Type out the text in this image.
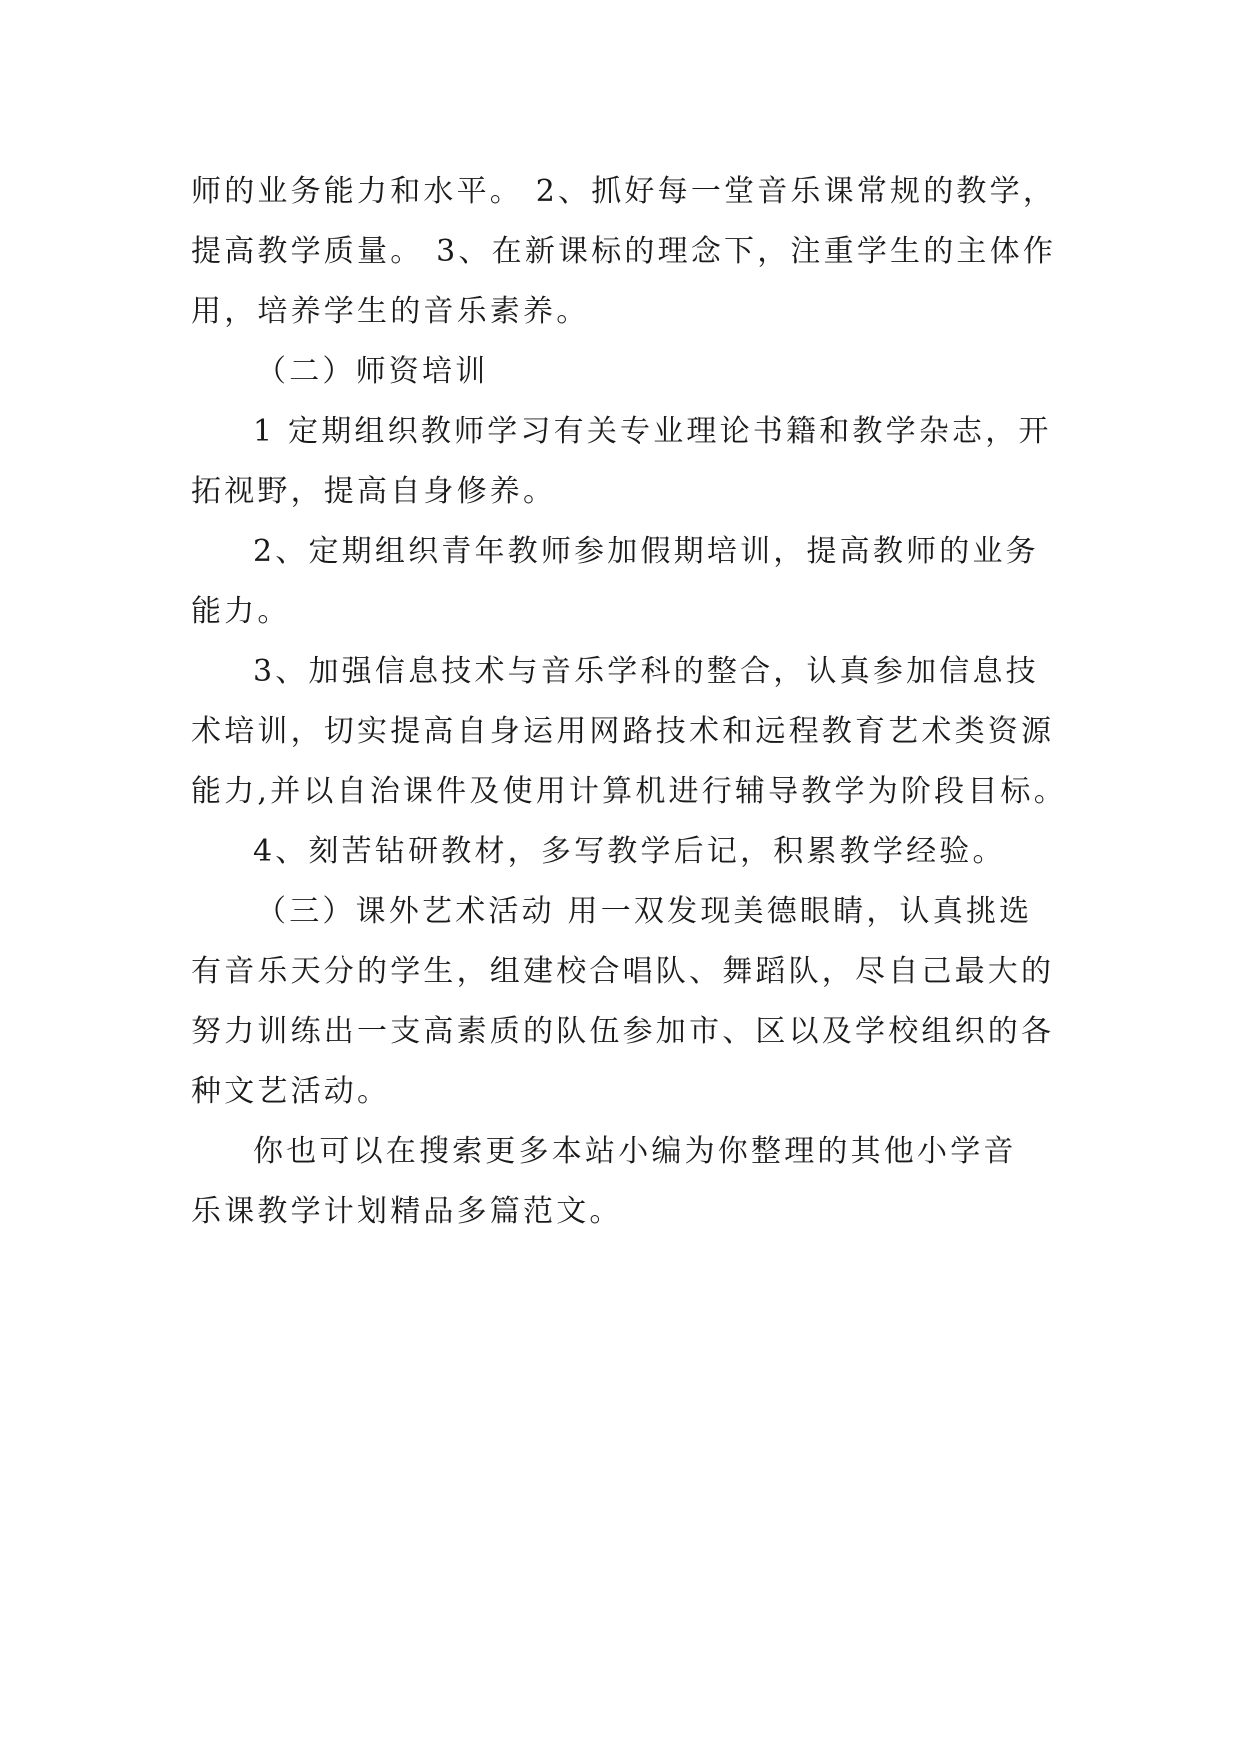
师的业务能力和水平。 2、抓好每一堂音乐课常规的教学，
提高教学质量。 3、在新课标的理念下，注重学生的主体作
用，培养学生的音乐素养。
（二）师资培训
1 定期组织教师学习有关专业理论书籍和教学杂志，开
拓视野，提高自身修养。
2、定期组织青年教师参加假期培训，提高教师的业务
能力。
3、加强信息技术与音乐学科的整合，认真参加信息技
术培训，切实提高自身运用网路技术和远程教育艺术类资源
能力,并以自治课件及使用计算机进行辅导教学为阶段目标。
4、刻苦钻研教材，多写教学后记，积累教学经验。
（三）课外艺术活动 用一双发现美德眼睛，认真挑选
有音乐天分的学生，组建校合唱队、舞蹈队，尽自己最大的
努力训练出一支高素质的队伍参加市、区以及学校组织的各
种文艺活动。
你也可以在搜索更多本站小编为你整理的其他小学音
乐课教学计划精品多篇范文。
